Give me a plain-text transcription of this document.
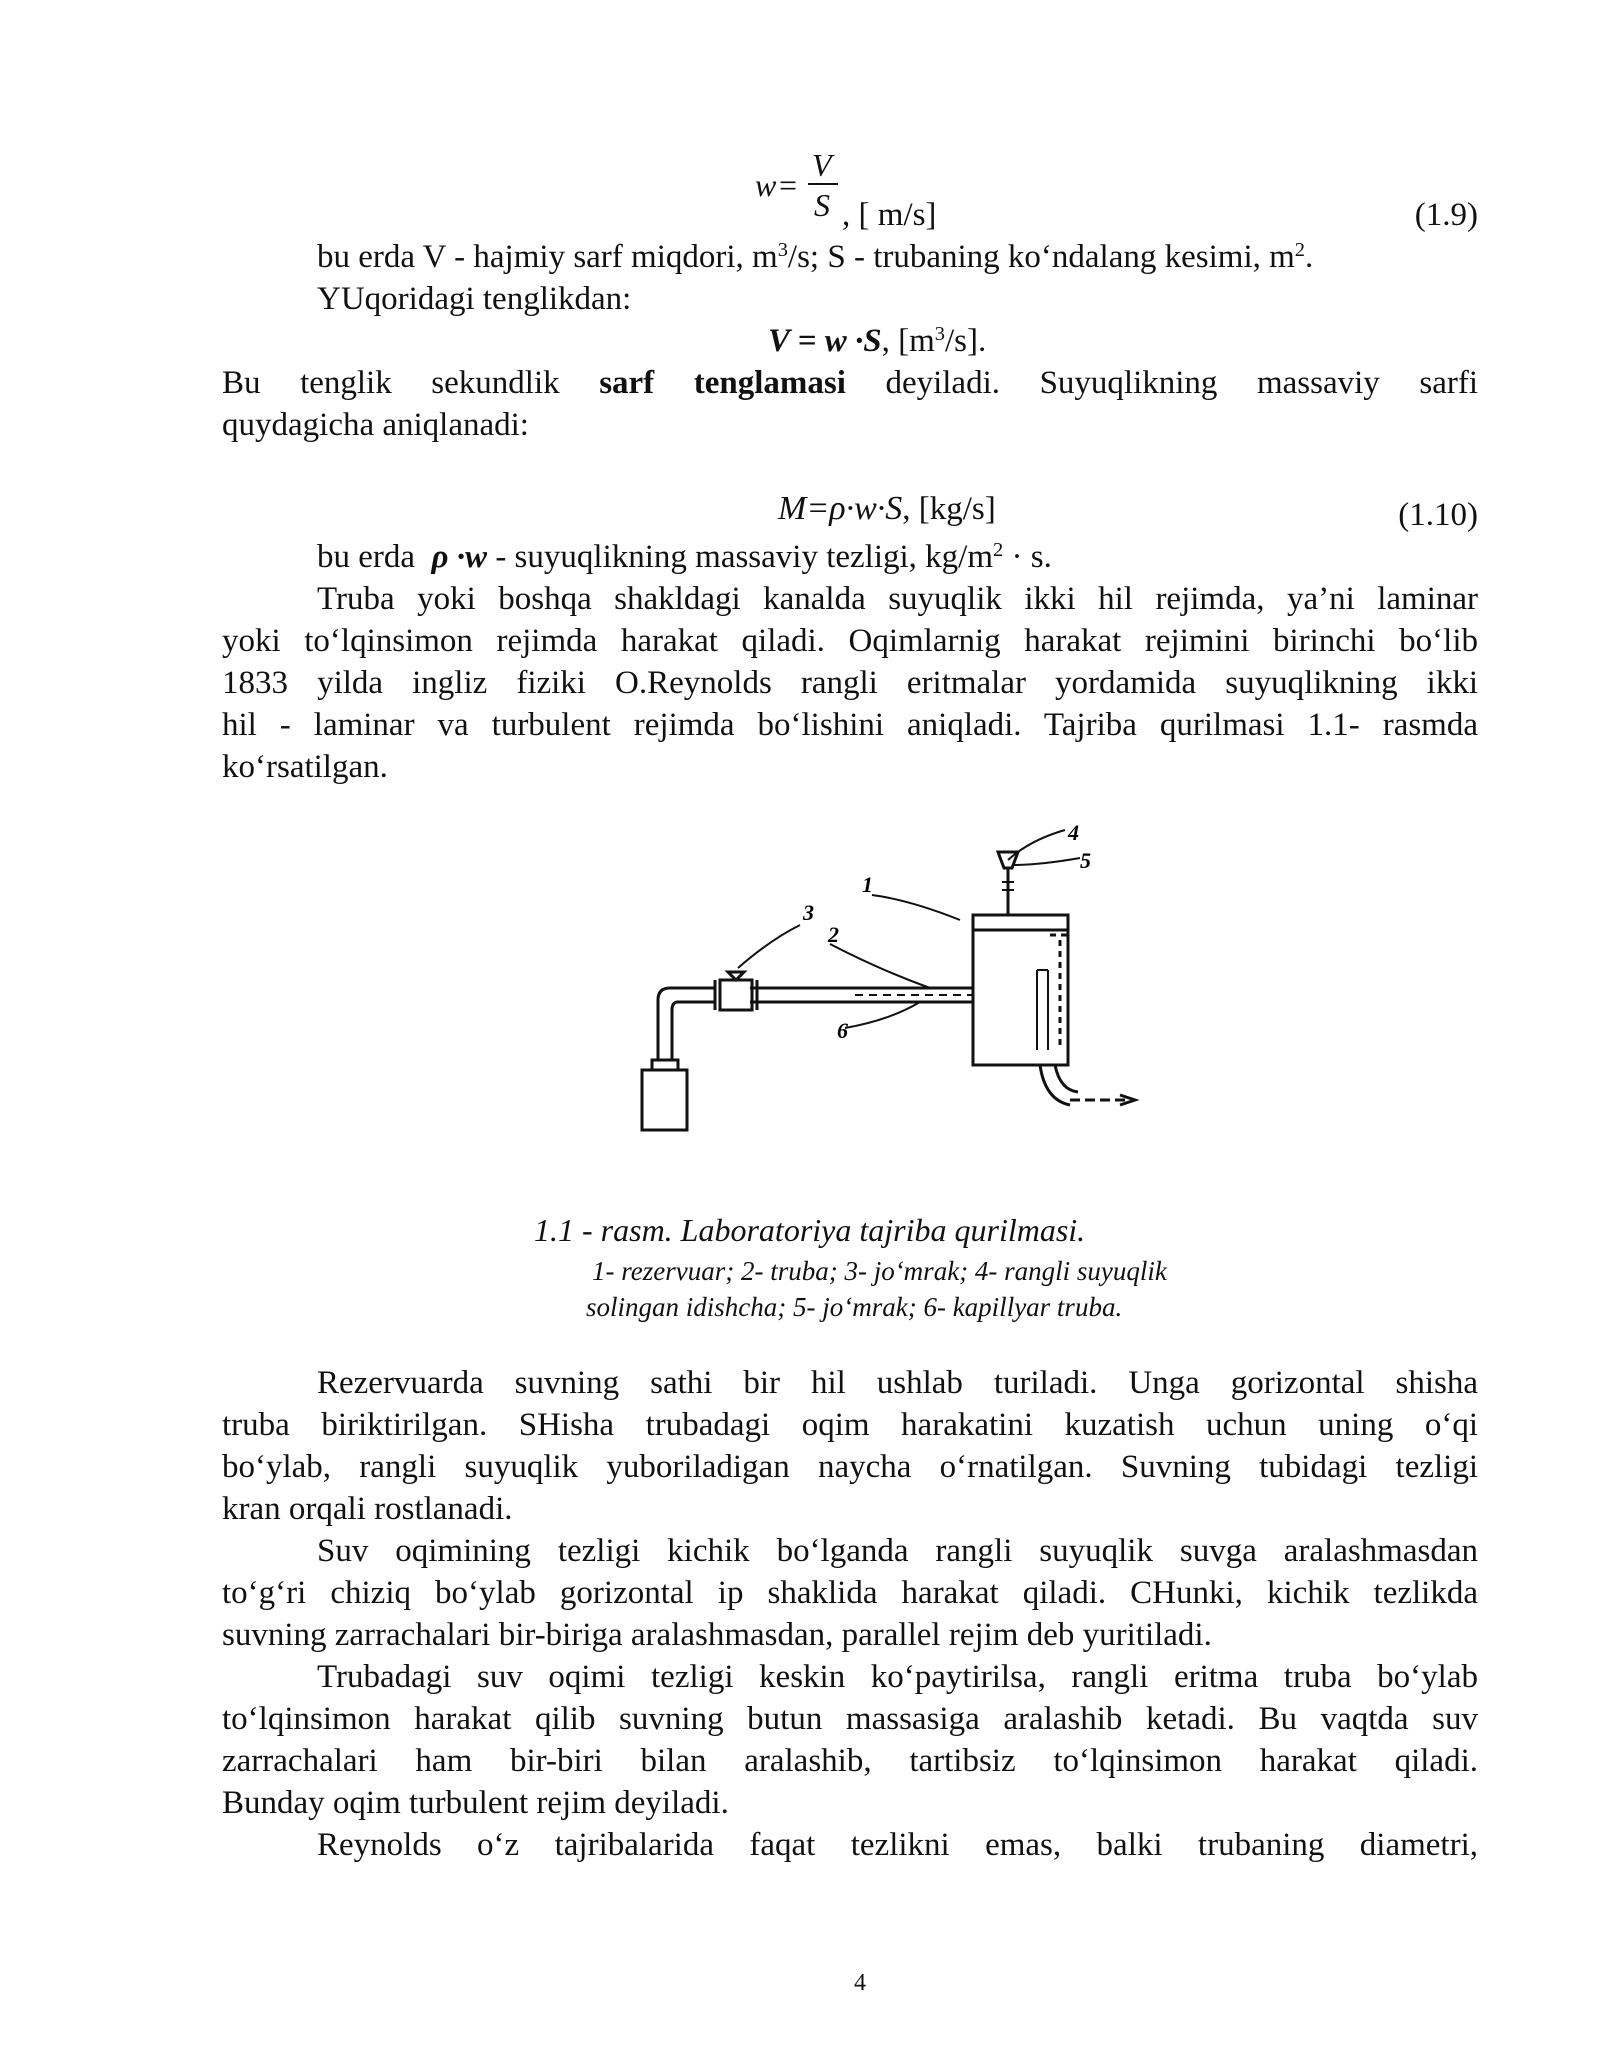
w =
V
S , [ m/s]	(1.9)
bu erda V - hajmiy sarf miqdori, $m^3/s$; S - trubaning ko‘ndalang kesimi, $m^2$.
YUqoridagi tenglikdan:
V = w ·S, $[m^3/s]$.
Bu tenglik sekundlik sarf tenglamasi deyiladi. Suyuqlikning massaviy sarfi
quydagicha aniqlanadi:
M=ρ·w·S, [kg/s]	(1.10)
bu erda ρ ·w - suyuqlikning massaviy tezligi, $kg/m^2 \cdot s$.
Truba yoki boshqa shakldagi kanalda suyuqlik ikki hil rejimda, ya’ni laminar
yoki to‘lqinsimon rejimda harakat qiladi. Oqimlarnig harakat rejimini birinchi bo‘lib
1833 yilda ingliz fiziki O.Reynolds rangli eritmalar yordamida suyuqlikning ikki
hil - laminar va turbulent rejimda bo‘lishini aniqladi. Tajriba qurilmasi 1.1- rasmda
ko‘rsatilgan.
4
5
1
3
2
6
1.1 - rasm. Laboratoriya tajriba qurilmasi.
1- rezervuar; 2- truba; 3- jo‘mrak; 4- rangli suyuqlik
solingan idishcha; 5- jo‘mrak; 6- kapillyar truba.
Rezervuarda suvning sathi bir hil ushlab turiladi. Unga gorizontal shisha
truba biriktirilgan. SHisha trubadagi oqim harakatini kuzatish uchun uning o‘qi
bo‘ylab, rangli suyuqlik yuboriladigan naycha o‘rnatilgan. Suvning tubidagi tezligi
kran orqali rostlanadi.
Suv oqimining tezligi kichik bo‘lganda rangli suyuqlik suvga aralashmasdan
to‘g‘ri chiziq bo‘ylab gorizontal ip shaklida harakat qiladi. CHunki, kichik tezlikda
suvning zarrachalari bir-biriga aralashmasdan, parallel rejim deb yuritiladi.
Trubadagi suv oqimi tezligi keskin ko‘paytirilsa, rangli eritma truba bo‘ylab
to‘lqinsimon harakat qilib suvning butun massasiga aralashib ketadi. Bu vaqtda suv
zarrachalari ham bir-biri bilan aralashib, tartibsiz to‘lqinsimon harakat qiladi.
Bunday oqim turbulent rejim deyiladi.
Reynolds o‘z tajribalarida faqat tezlikni emas, balki trubaning diametri,
4
